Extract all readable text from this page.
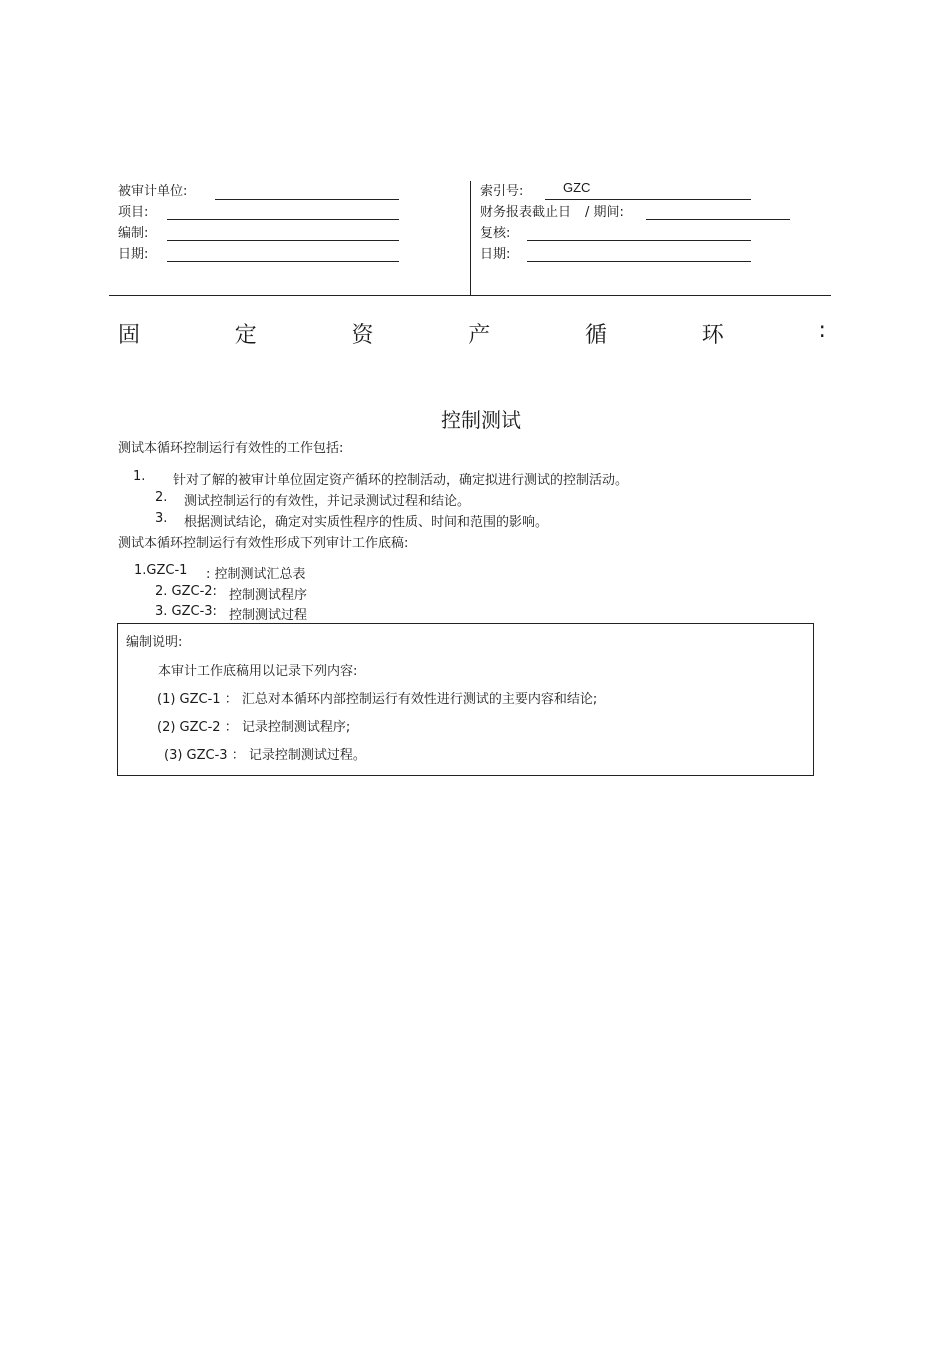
被审计单位:
项目:
编制:
日期:
索引号:	GZC
财务报表截止日 / 期间:
复核:
日期:
固	定	资	产	循	环	:
控制测试
测试本循环控制运行有效性的工作包括:
1. 针对了解的被审计单位固定资产循环的控制活动，确定拟进行测试的控制活动。
2. 测试控制运行的有效性，并记录测试过程和结论。
3. 根据测试结论，确定对实质性程序的性质、时间和范围的影响。
测试本循环控制运行有效性形成下列审计工作底稿:
1.GZC-1 : 控制测试汇总表
2. GZC-2: 控制测试程序
3. GZC-3: 控制测试过程
编制说明:
本审计工作底稿用以记录下列内容:
(1) GZC-1 ： 汇总对本循环内部控制运行有效性进行测试的主要内容和结论;
(2) GZC-2 ： 记录控制测试程序;
(3) GZC-3 ： 记录控制测试过程。
